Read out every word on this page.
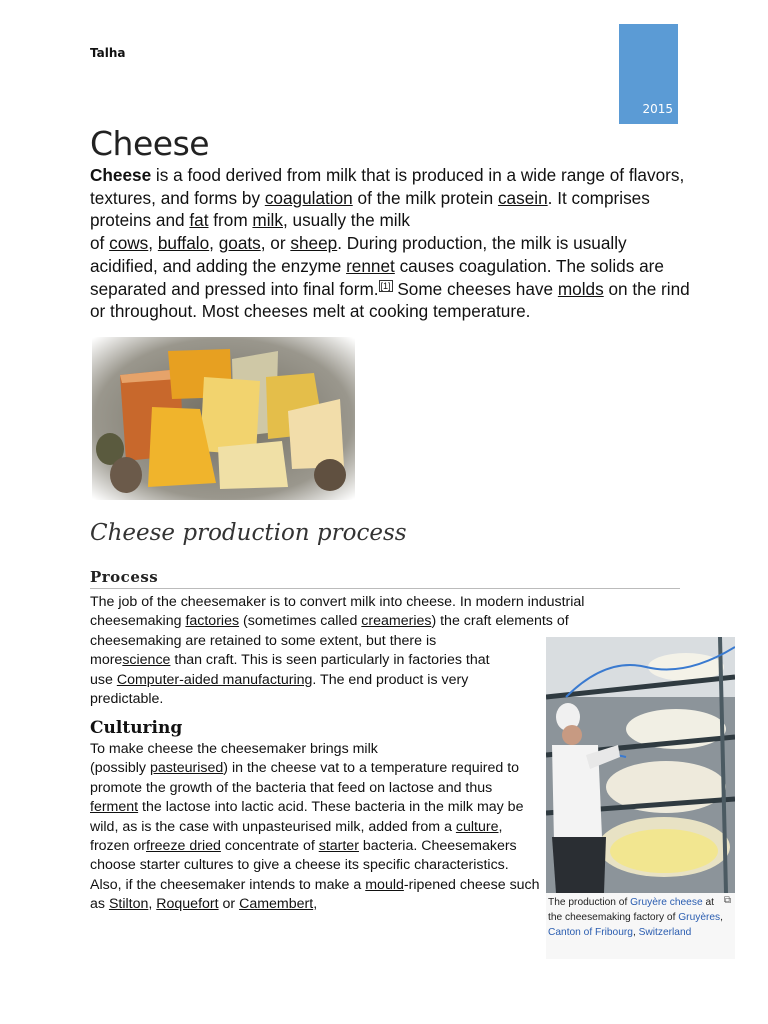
Talha
2015
Cheese

Cheese is a food derived from milk that is produced in a wide range of flavors, textures, and forms by coagulation of the milk protein casein. It comprises proteins and fat from milk, usually the milk
of cows, buffalo, goats, or sheep. During production, the milk is usually acidified, and adding the enzyme rennet causes coagulation. The solids are separated and pressed into final form. [1] Some cheeses have molds on the rind or throughout. Most cheeses melt at cooking temperature.

Cheese production process
Process

The job of the cheesemaker is to convert milk into cheese. In modern industrial cheesemaking factories (sometimes called creameries) the craft elements of
cheesemaking are retained to some extent, but there is
morescience than craft. This is seen particularly in factories that
use Computer-aided manufacturing. The end product is very
predictable.

Culturing

To make cheese the cheesemaker brings milk
(possibly pasteurised) in the cheese vat to a temperature required to promote the growth of the bacteria that feed on lactose and thus ferment the lactose into lactic acid. These bacteria in the milk may be wild, as is the case with unpasteurised milk, added from a culture, frozen orfreeze dried concentrate of starter bacteria. Cheesemakers choose starter cultures to give a cheese its specific characteristics. Also, if the cheesemaker intends to make a mould-ripened cheese such as Stilton, Roquefort or Camembert,	The production of Gruyère cheese at the cheesemaking factory of Gruyères, Canton of Fribourg, Switzerland
⧉
